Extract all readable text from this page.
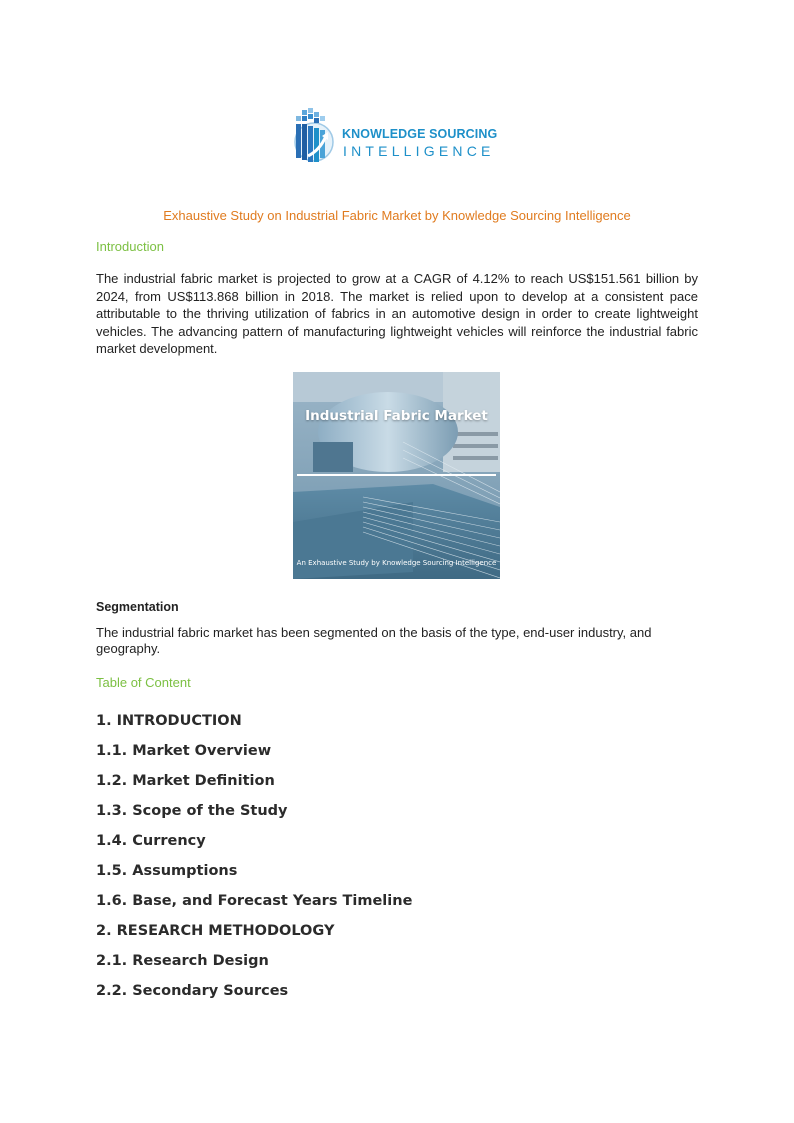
KNOWLEDGE SOURCING
INTELLIGENCE
Exhaustive Study on Industrial Fabric Market by Knowledge Sourcing Intelligence
Introduction

The industrial fabric market is projected to grow at a CAGR of 4.12% to reach US$151.561 billion by 2024, from US$113.868 billion in 2018. The market is relied upon to develop at a consistent pace attributable to the thriving utilization of fabrics in an automotive design in order to create lightweight vehicles. The advancing pattern of manufacturing lightweight vehicles will reinforce the industrial fabric market development.

Industrial Fabric Market
An Exhaustive Study by Knowledge Sourcing Intelligence
Segmentation

The industrial fabric market has been segmented on the basis of the type, end-user industry, and geography.

Table of Content
1. INTRODUCTION
1.1. Market Overview
1.2. Market Definition
1.3. Scope of the Study
1.4. Currency
1.5. Assumptions
1.6. Base, and Forecast Years Timeline
2. RESEARCH METHODOLOGY
2.1. Research Design
2.2. Secondary Sources
